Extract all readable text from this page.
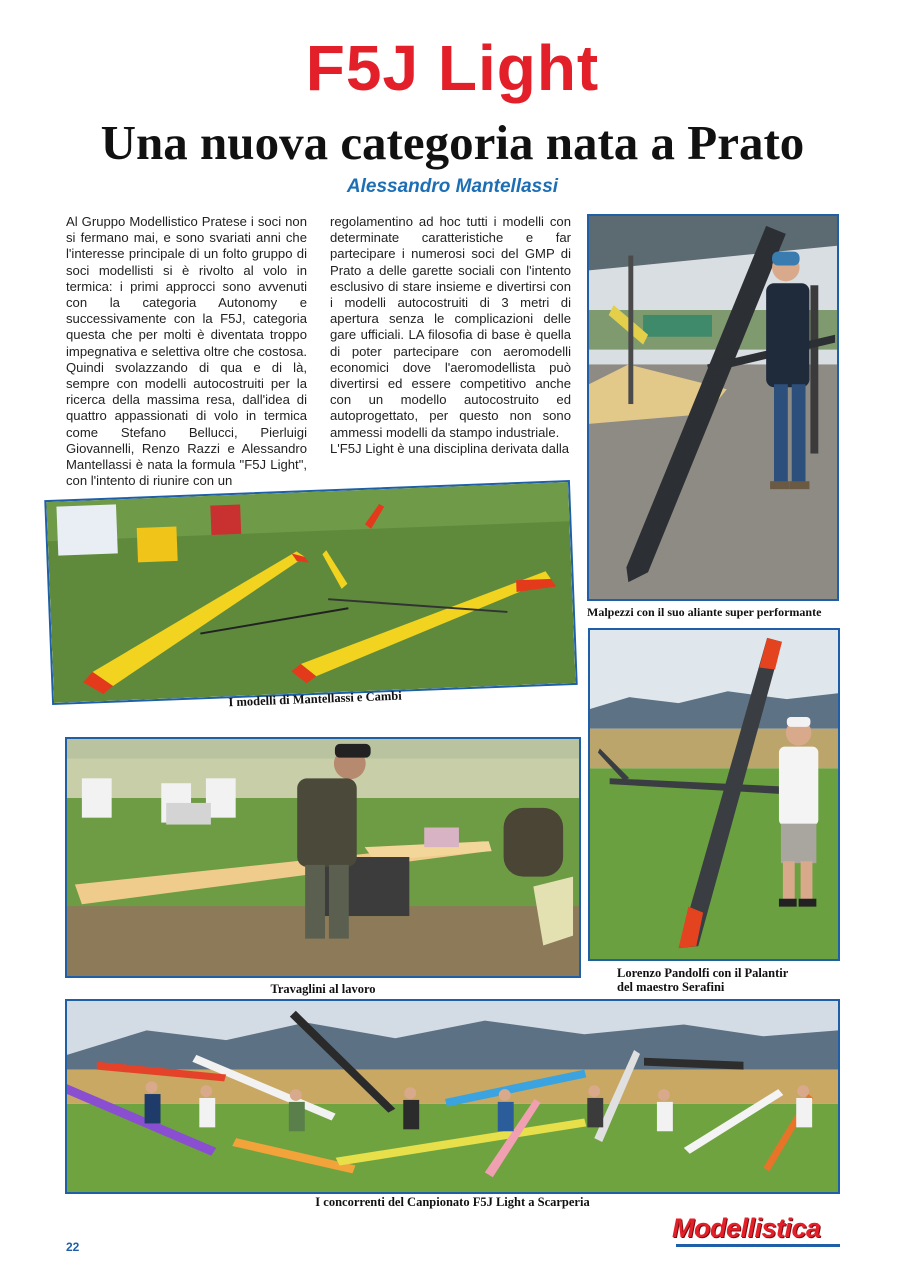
F5J Light
Una nuova categoria nata a Prato
Alessandro Mantellassi

Al Gruppo Modellistico Pratese i soci non si fermano mai, e sono svariati anni che l'interesse principale di un folto gruppo di soci modellisti si è rivolto al volo in termica: i primi approcci sono avvenuti con la categoria Autonomy e successivamente con la F5J, categoria questa che per molti è diventata troppo impegnativa e selettiva oltre che costosa. Quindi svolazzando di qua e di là, sempre con modelli autocostruiti per la ricerca della massima resa, dall'idea di quattro appassionati di volo in termica come Stefano Bellucci, Pierluigi Giovannelli, Renzo Razzi e Alessandro Mantellassi è nata la formula "F5J Light", con l'intento di riunire con un

regolamentino ad hoc tutti i modelli con determinate caratteristiche e far partecipare i numerosi soci del GMP di Prato a delle garette sociali con l'intento esclusivo di stare insieme e divertirsi con i modelli autocostruiti di 3 metri di apertura senza le complicazioni delle gare ufficiali. LA filosofia di base è quella di poter partecipare con aeromodelli economici dove l'aeromodellista può divertirsi ed essere competitivo anche con un modello autocostruito ed autoprogettato, per questo non sono ammessi modelli da stampo industriale.

L'F5J Light è una disciplina derivata dalla

Malpezzi con il suo aliante super performante
I modelli di Mantellassi e Cambi
Lorenzo Pandolfi con il Palantir
del maestro Serafini
Travaglini al lavoro
I concorrenti del Canpionato F5J Light a Scarperia
22
Modellistica
